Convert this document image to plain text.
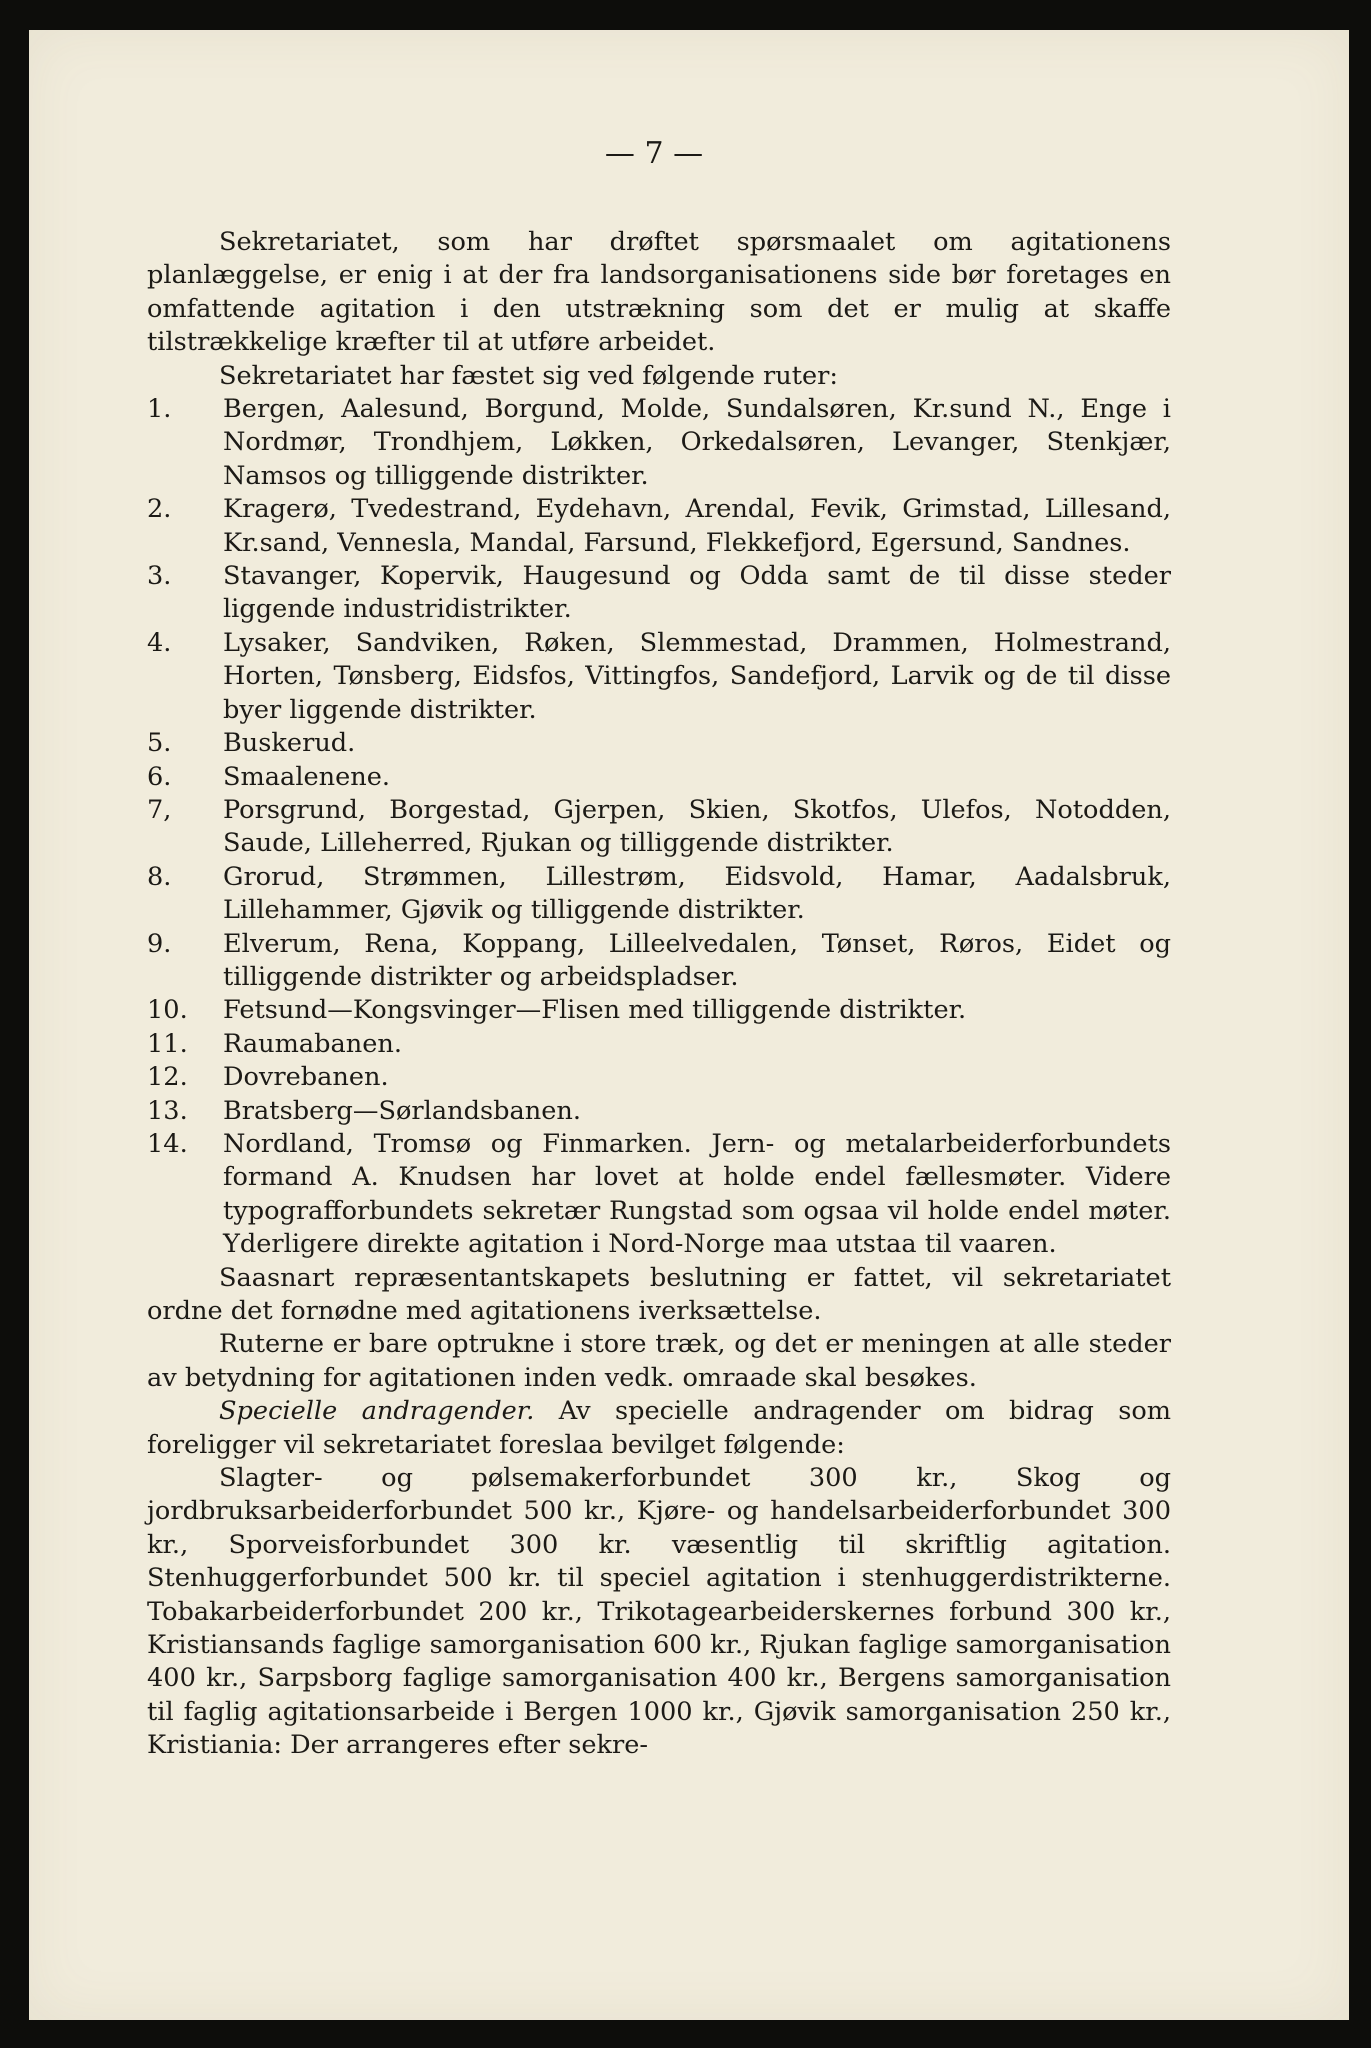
— 7 —

Sekretariatet, som har drøftet spørsmaalet om agitationens planlæggelse, er enig i at der fra landsorganisationens side bør foretages en omfattende agitation i den utstrækning som det er mulig at skaffe tilstrækkelige kræfter til at utføre arbeidet.

Sekretariatet har fæstet sig ved følgende ruter:

1.	Bergen, Aalesund, Borgund, Molde, Sundalsøren, Kr.sund N., Enge i Nordmør, Trondhjem, Løkken, Orkedalsøren, Levanger, Stenkjær, Namsos og tilliggende distrikter.
2.	Kragerø, Tvedestrand, Eydehavn, Arendal, Fevik, Grimstad, Lillesand, Kr.sand, Vennesla, Mandal, Farsund, Flekkefjord, Egersund, Sandnes.
3.	Stavanger, Kopervik, Haugesund og Odda samt de til disse steder liggende industridistrikter.
4.	Lysaker, Sandviken, Røken, Slemmestad, Drammen, Holmestrand, Horten, Tønsberg, Eidsfos, Vittingfos, Sandefjord, Larvik og de til disse byer liggende distrikter.
5.	Buskerud.
6.	Smaalenene.
7,	Porsgrund, Borgestad, Gjerpen, Skien, Skotfos, Ulefos, Notodden, Saude, Lilleherred, Rjukan og tilliggende distrikter.
8.	Grorud, Strømmen, Lillestrøm, Eidsvold, Hamar, Aadalsbruk, Lillehammer, Gjøvik og tilliggende distrikter.
9.	Elverum, Rena, Koppang, Lilleelvedalen, Tønset, Røros, Eidet og tilliggende distrikter og arbeidspladser.
10.	Fetsund—Kongsvinger—Flisen med tilliggende distrikter.
11.	Raumabanen.
12.	Dovrebanen.
13.	Bratsberg—Sørlandsbanen.
14.	Nordland, Tromsø og Finmarken. Jern- og metalarbeiderforbundets formand A. Knudsen har lovet at holde endel fællesmøter. Videre typografforbundets sekretær Rungstad som ogsaa vil holde endel møter. Yderligere direkte agitation i Nord-Norge maa utstaa til vaaren.

Saasnart repræsentantskapets beslutning er fattet, vil sekretariatet ordne det fornødne med agitationens iverksættelse.

Ruterne er bare optrukne i store træk, og det er meningen at alle steder av betydning for agitationen inden vedk. omraade skal besøkes.

Specielle andragender. Av specielle andragender om bidrag som foreligger vil sekretariatet foreslaa bevilget følgende:

Slagter- og pølsemakerforbundet 300 kr., Skog og jordbruksarbeiderforbundet 500 kr., Kjøre- og handelsarbeiderforbundet 300 kr., Sporveisforbundet 300 kr. væsentlig til skriftlig agitation. Stenhuggerforbundet 500 kr. til speciel agitation i stenhuggerdistrikterne. Tobakarbeiderforbundet 200 kr., Trikotagearbeiderskernes forbund 300 kr., Kristiansands faglige samorganisation 600 kr., Rjukan faglige samorganisation 400 kr., Sarpsborg faglige samorganisation 400 kr., Bergens samorganisation til faglig agitationsarbeide i Bergen 1000 kr., Gjøvik samorganisation 250 kr., Kristiania: Der arrangeres efter sekre-
